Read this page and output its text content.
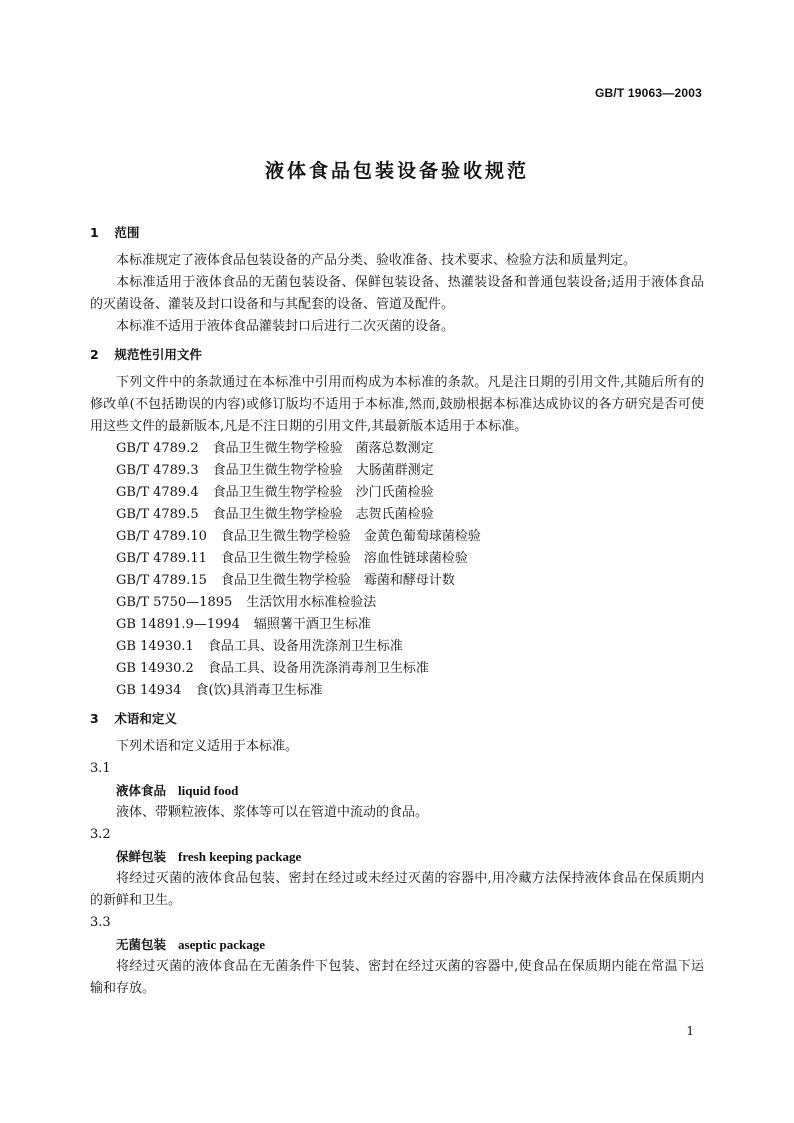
GB/T 19063—2003
液体食品包装设备验收规范

1 范围

本标准规定了液体食品包装设备的产品分类、验收准备、技术要求、检验方法和质量判定。

本标准适用于液体食品的无菌包装设备、保鲜包装设备、热灌装设备和普通包装设备;适用于液体食品的灭菌设备、灌装及封口设备和与其配套的设备、管道及配件。

本标准不适用于液体食品灌装封口后进行二次灭菌的设备。

2 规范性引用文件

下列文件中的条款通过在本标准中引用而构成为本标准的条款。凡是注日期的引用文件,其随后所有的修改单(不包括勘误的内容)或修订版均不适用于本标准,然而,鼓励根据本标准达成协议的各方研究是否可使用这些文件的最新版本,凡是不注日期的引用文件,其最新版本适用于本标准。

GB/T 4789.2 食品卫生微生物学检验　菌落总数测定

GB/T 4789.3 食品卫生微生物学检验　大肠菌群测定

GB/T 4789.4 食品卫生微生物学检验　沙门氏菌检验

GB/T 4789.5 食品卫生微生物学检验　志贺氏菌检验

GB/T 4789.10 食品卫生微生物学检验　金黄色葡萄球菌检验

GB/T 4789.11 食品卫生微生物学检验　溶血性链球菌检验

GB/T 4789.15 食品卫生微生物学检验　霉菌和酵母计数

GB/T 5750—1895 生活饮用水标准检验法

GB 14891.9—1994 辐照薯干酒卫生标准

GB 14930.1 食品工具、设备用洗涤剂卫生标准

GB 14930.2 食品工具、设备用洗涤消毒剂卫生标准

GB 14934 食(饮)具消毒卫生标准

3 术语和定义

下列术语和定义适用于本标准。

3.1

液体食品 liquid food

液体、带颗粒液体、浆体等可以在管道中流动的食品。

3.2

保鲜包装 fresh keeping package

将经过灭菌的液体食品包装、密封在经过或未经过灭菌的容器中,用冷藏方法保持液体食品在保质期内的新鲜和卫生。

3.3

无菌包装 aseptic package

将经过灭菌的液体食品在无菌条件下包装、密封在经过灭菌的容器中,使食品在保质期内能在常温下运输和存放。

1
